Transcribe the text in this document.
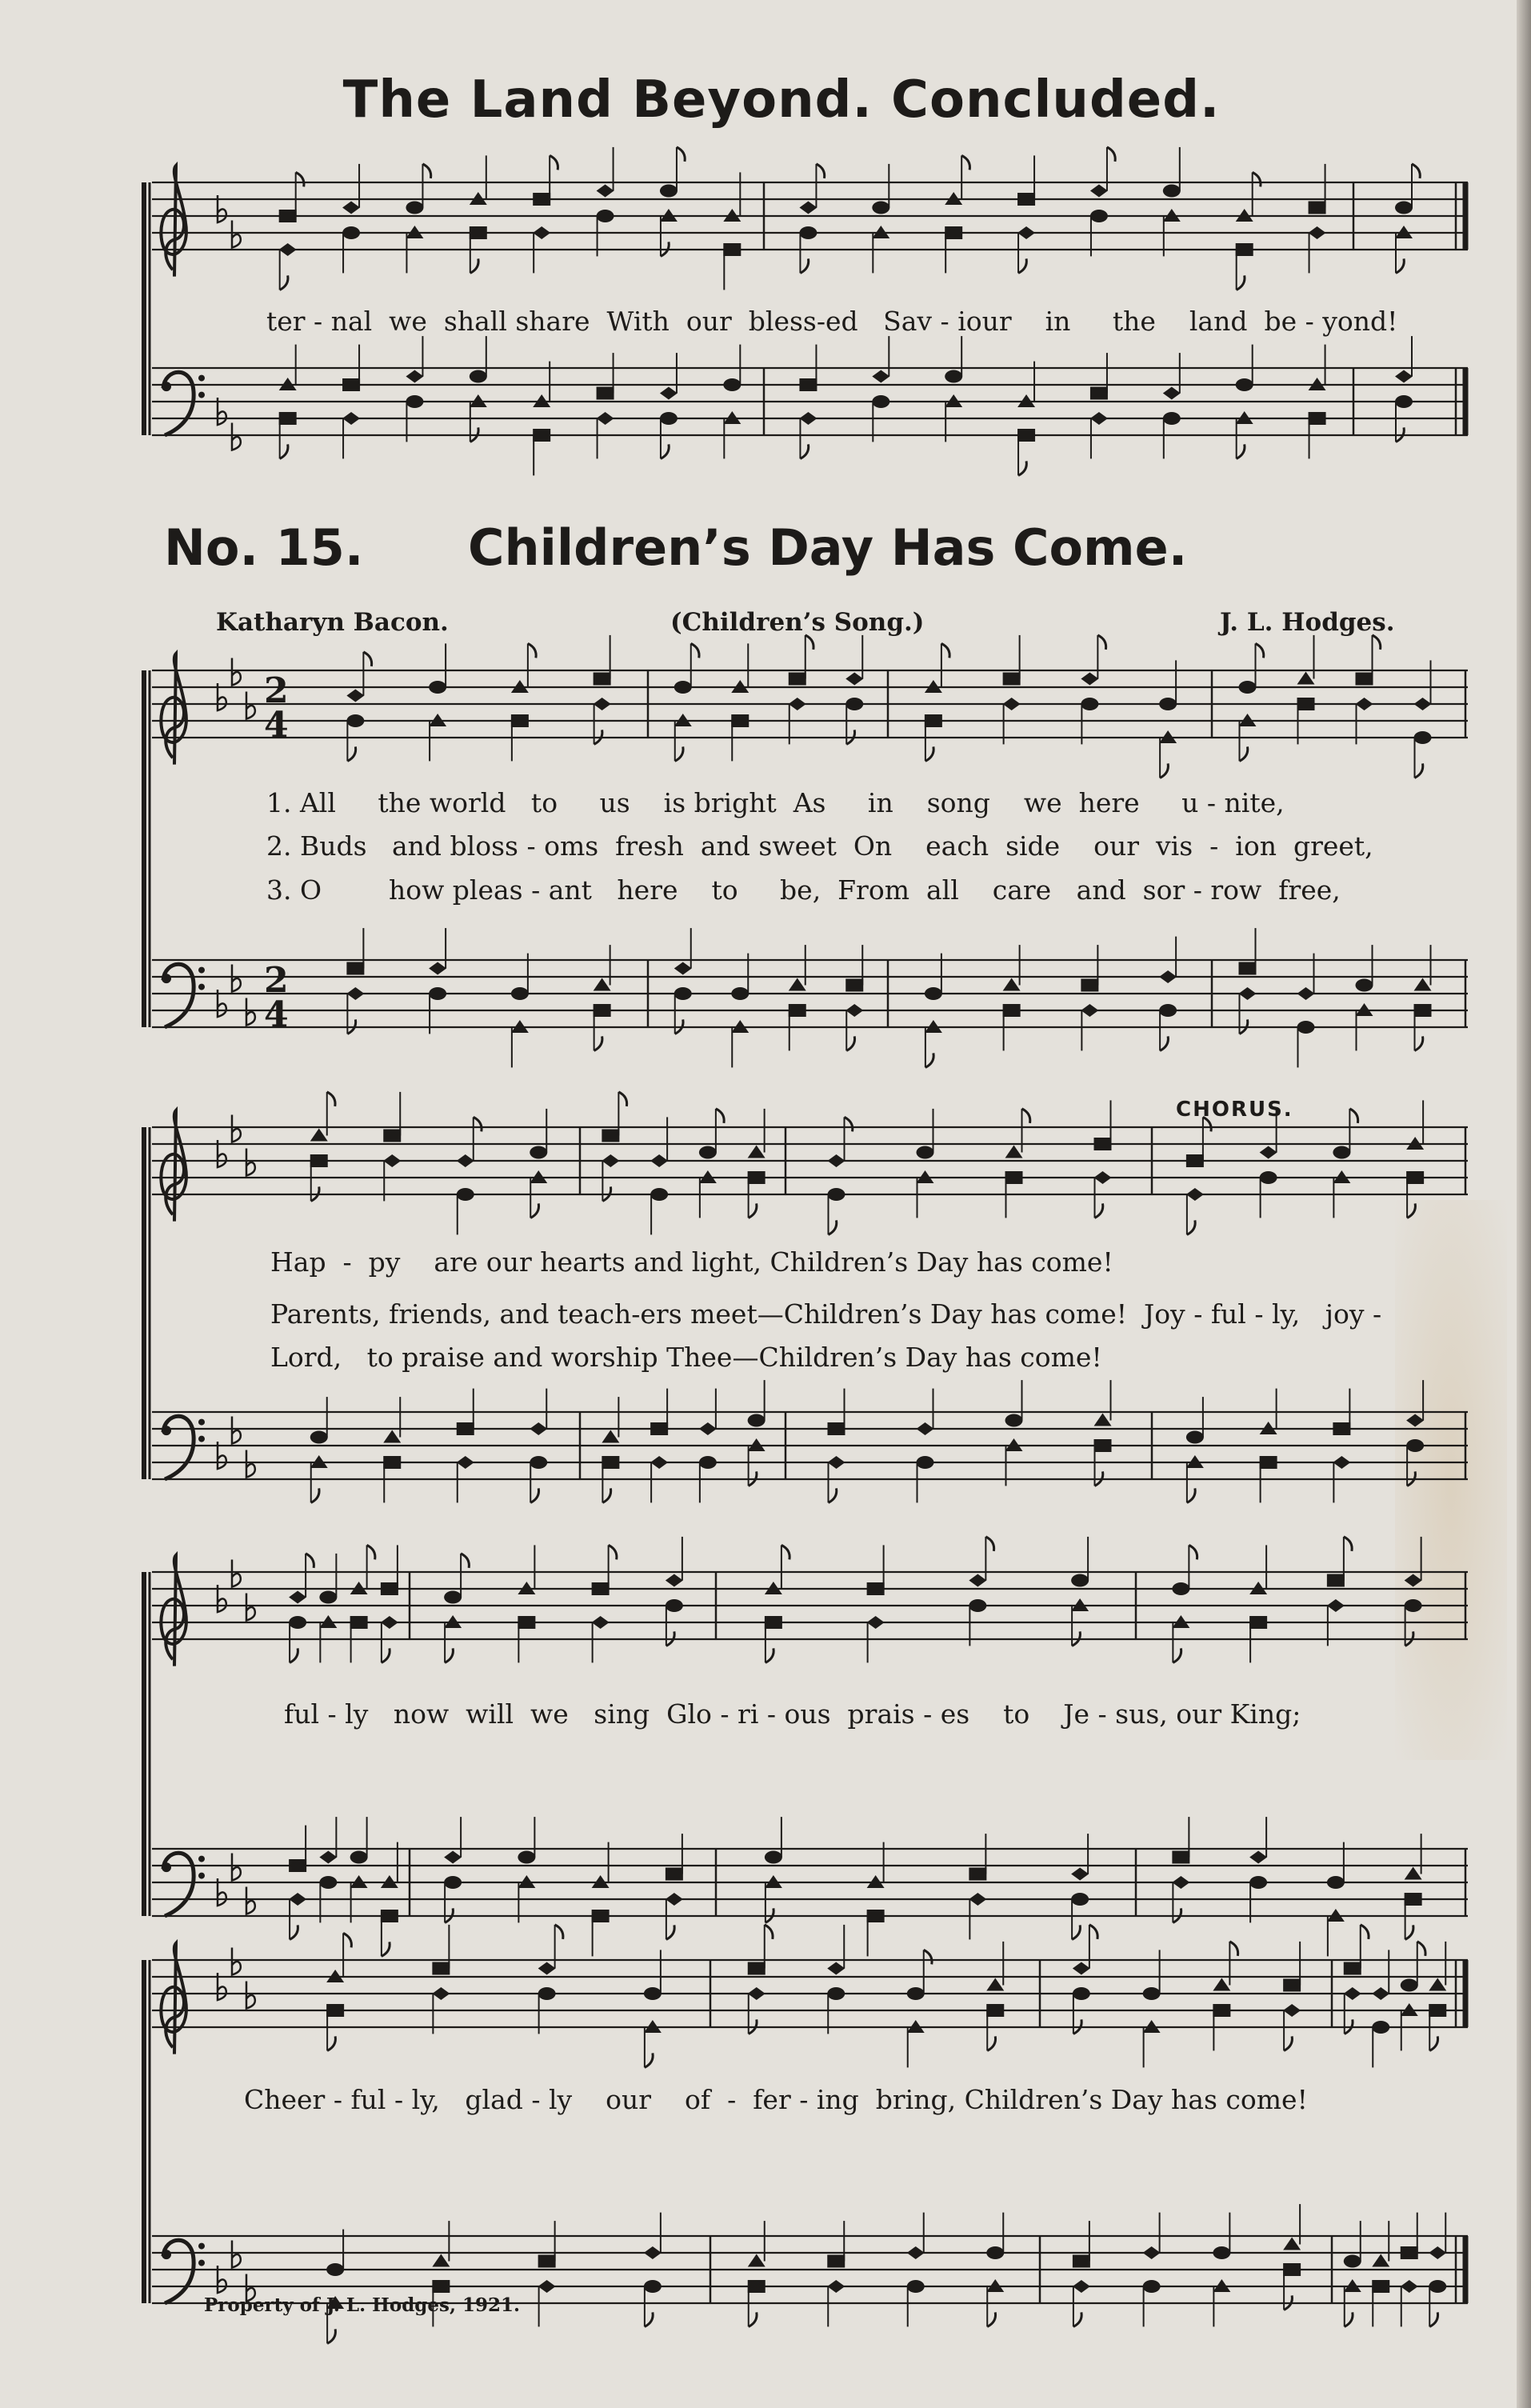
The Land Beyond. Concluded.
No. 15. Children’s Day Has Come.
Katharyn Bacon.	(Children’s Song.)	J. L. Hodges.
CHORUS.
2
4
2
4
ter - nal  we  shall share  With  our  bless-ed   Sav - iour    in     the    land  be - yond!
1. All     the world   to     us    is bright  As     in    song    we  here     u - nite,
2. Buds   and bloss - oms  fresh  and sweet  On    each  side    our  vis  -  ion  greet,
3. O        how pleas - ant   here    to     be,  From  all    care   and  sor - row  free,
Hap  -  py    are our hearts and light, Children’s Day has come!
Parents, friends, and teach-ers meet—Children’s Day has come!  Joy - ful - ly,   joy -
Lord,   to praise and worship Thee—Children’s Day has come!
ful - ly   now  will  we   sing  Glo - ri - ous  prais - es    to    Je - sus, our King;
Cheer - ful - ly,   glad - ly    our    of  -  fer - ing  bring, Children’s Day has come!
Property of J. L. Hodges, 1921.
